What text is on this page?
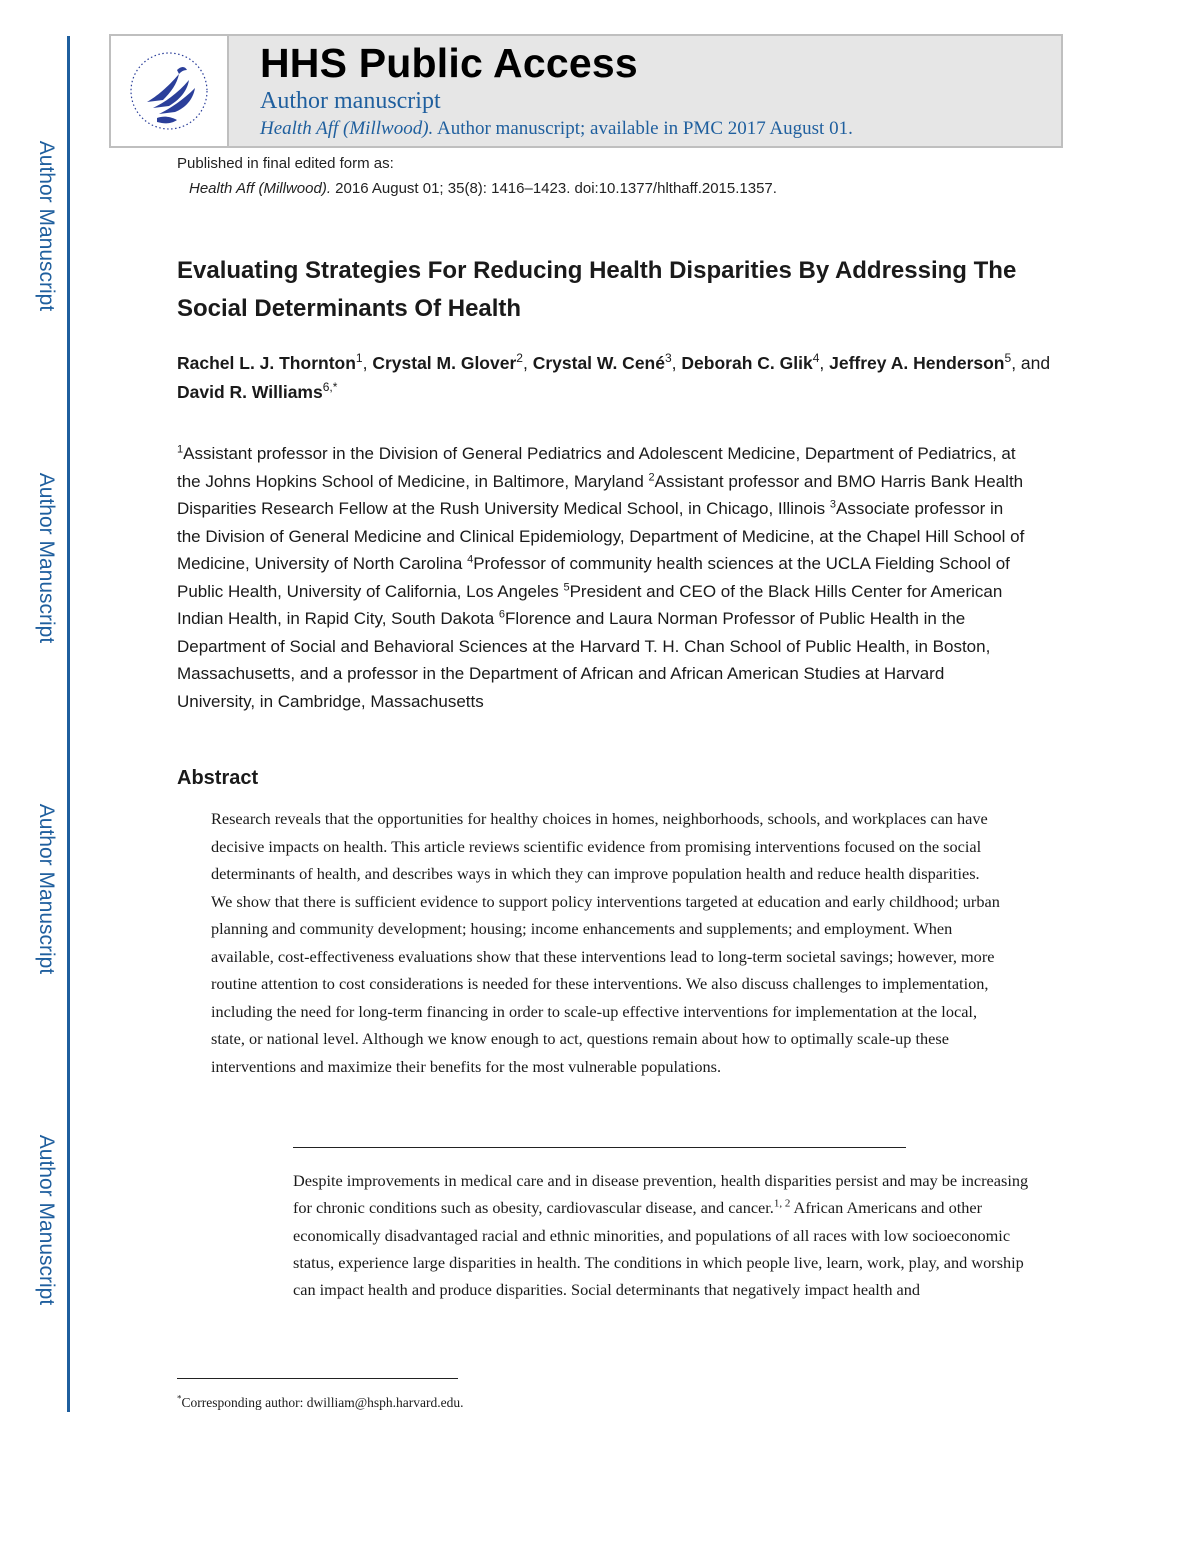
Author Manuscript
Author Manuscript
Author Manuscript
Author Manuscript
HHS Public Access
Author manuscript
Health Aff (Millwood). Author manuscript; available in PMC 2017 August 01.
Published in final edited form as:
Health Aff (Millwood). 2016 August 01; 35(8): 1416–1423. doi:10.1377/hlthaff.2015.1357.
Evaluating Strategies For Reducing Health Disparities By Addressing The Social Determinants Of Health
Rachel L. J. Thornton$^1$, Crystal M. Glover$^2$, Crystal W. Cené$^3$, Deborah C. Glik$^4$, Jeffrey A. Henderson$^5$, and David R. Williams$^{6,*}$
$^1$Assistant professor in the Division of General Pediatrics and Adolescent Medicine, Department of Pediatrics, at the Johns Hopkins School of Medicine, in Baltimore, Maryland $^2$Assistant professor and BMO Harris Bank Health Disparities Research Fellow at the Rush University Medical School, in Chicago, Illinois $^3$Associate professor in the Division of General Medicine and Clinical Epidemiology, Department of Medicine, at the Chapel Hill School of Medicine, University of North Carolina $^4$Professor of community health sciences at the UCLA Fielding School of Public Health, University of California, Los Angeles $^5$President and CEO of the Black Hills Center for American Indian Health, in Rapid City, South Dakota $^6$Florence and Laura Norman Professor of Public Health in the Department of Social and Behavioral Sciences at the Harvard T. H. Chan School of Public Health, in Boston, Massachusetts, and a professor in the Department of African and African American Studies at Harvard University, in Cambridge, Massachusetts
Abstract
Research reveals that the opportunities for healthy choices in homes, neighborhoods, schools, and workplaces can have decisive impacts on health. This article reviews scientific evidence from promising interventions focused on the social determinants of health, and describes ways in which they can improve population health and reduce health disparities. We show that there is sufficient evidence to support policy interventions targeted at education and early childhood; urban planning and community development; housing; income enhancements and supplements; and employment. When available, cost-effectiveness evaluations show that these interventions lead to long-term societal savings; however, more routine attention to cost considerations is needed for these interventions. We also discuss challenges to implementation, including the need for long-term financing in order to scale-up effective interventions for implementation at the local, state, or national level. Although we know enough to act, questions remain about how to optimally scale-up these interventions and maximize their benefits for the most vulnerable populations.
Despite improvements in medical care and in disease prevention, health disparities persist and may be increasing for chronic conditions such as obesity, cardiovascular disease, and cancer.$^{1, 2}$ African Americans and other economically disadvantaged racial and ethnic minorities, and populations of all races with low socioeconomic status, experience large disparities in health. The conditions in which people live, learn, work, play, and worship can impact health and produce disparities. Social determinants that negatively impact health and
*Corresponding author: dwilliam@hsph.harvard.edu.
